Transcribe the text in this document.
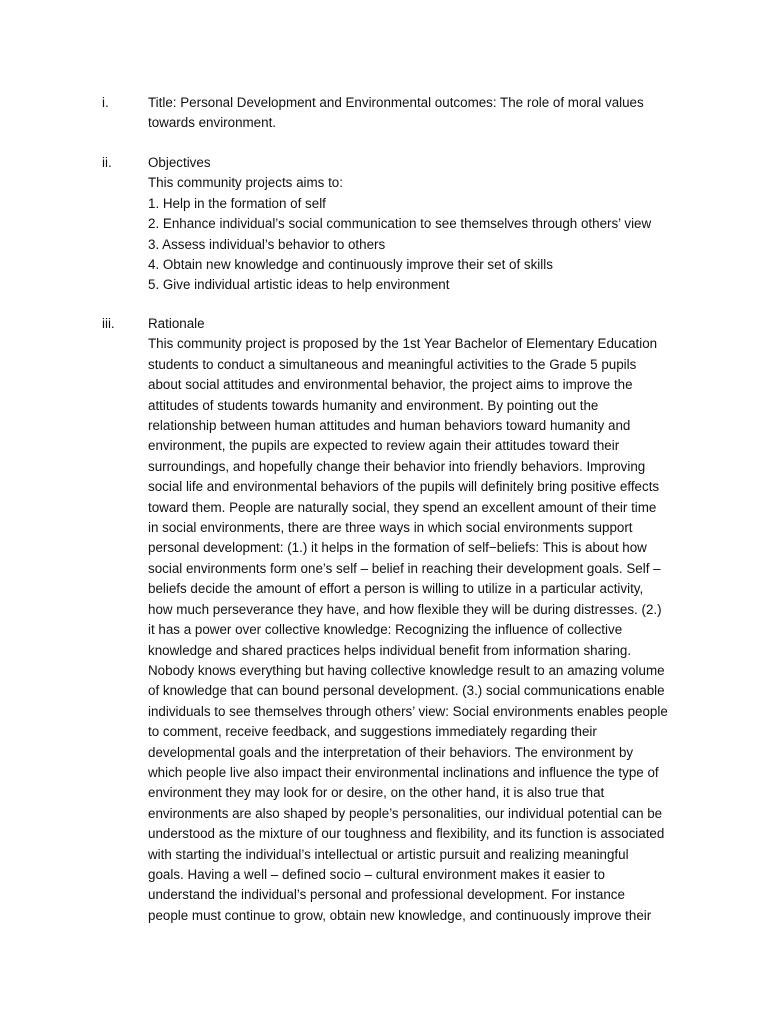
i.	Title: Personal Development and Environmental outcomes: The role of moral values
towards environment.
ii.	Objectives
This community projects aims to:
1. Help in the formation of self
2. Enhance individual’s social communication to see themselves through others’ view
3. Assess individual’s behavior to others
4. Obtain new knowledge and continuously improve their set of skills
5. Give individual artistic ideas to help environment
iii. Rationale
This community project is proposed by the 1st Year Bachelor of Elementary Education
students to conduct a simultaneous and meaningful activities to the Grade 5 pupils
about social attitudes and environmental behavior, the project aims to improve the
attitudes of students towards humanity and environment. By pointing out the
relationship between human attitudes and human behaviors toward humanity and
environment, the pupils are expected to review again their attitudes toward their
surroundings, and hopefully change their behavior into friendly behaviors. Improving
social life and environmental behaviors of the pupils will definitely bring positive effects
toward them. People are naturally social, they spend an excellent amount of their time
in social environments, there are three ways in which social environments support
personal development: (1.) it helps in the formation of self−beliefs: This is about how
social environments form one’s self – belief in reaching their development goals. Self –
beliefs decide the amount of effort a person is willing to utilize in a particular activity,
how much perseverance they have, and how flexible they will be during distresses. (2.)
it has a power over collective knowledge: Recognizing the influence of collective
knowledge and shared practices helps individual benefit from information sharing.
Nobody knows everything but having collective knowledge result to an amazing volume
of knowledge that can bound personal development. (3.) social communications enable
individuals to see themselves through others’ view: Social environments enables people
to comment, receive feedback, and suggestions immediately regarding their
developmental goals and the interpretation of their behaviors. The environment by
which people live also impact their environmental inclinations and influence the type of
environment they may look for or desire, on the other hand, it is also true that
environments are also shaped by people’s personalities, our individual potential can be
understood as the mixture of our toughness and flexibility, and its function is associated
with starting the individual’s intellectual or artistic pursuit and realizing meaningful
goals. Having a well – defined socio – cultural environment makes it easier to
understand the individual’s personal and professional development. For instance
people must continue to grow, obtain new knowledge, and continuously improve their
